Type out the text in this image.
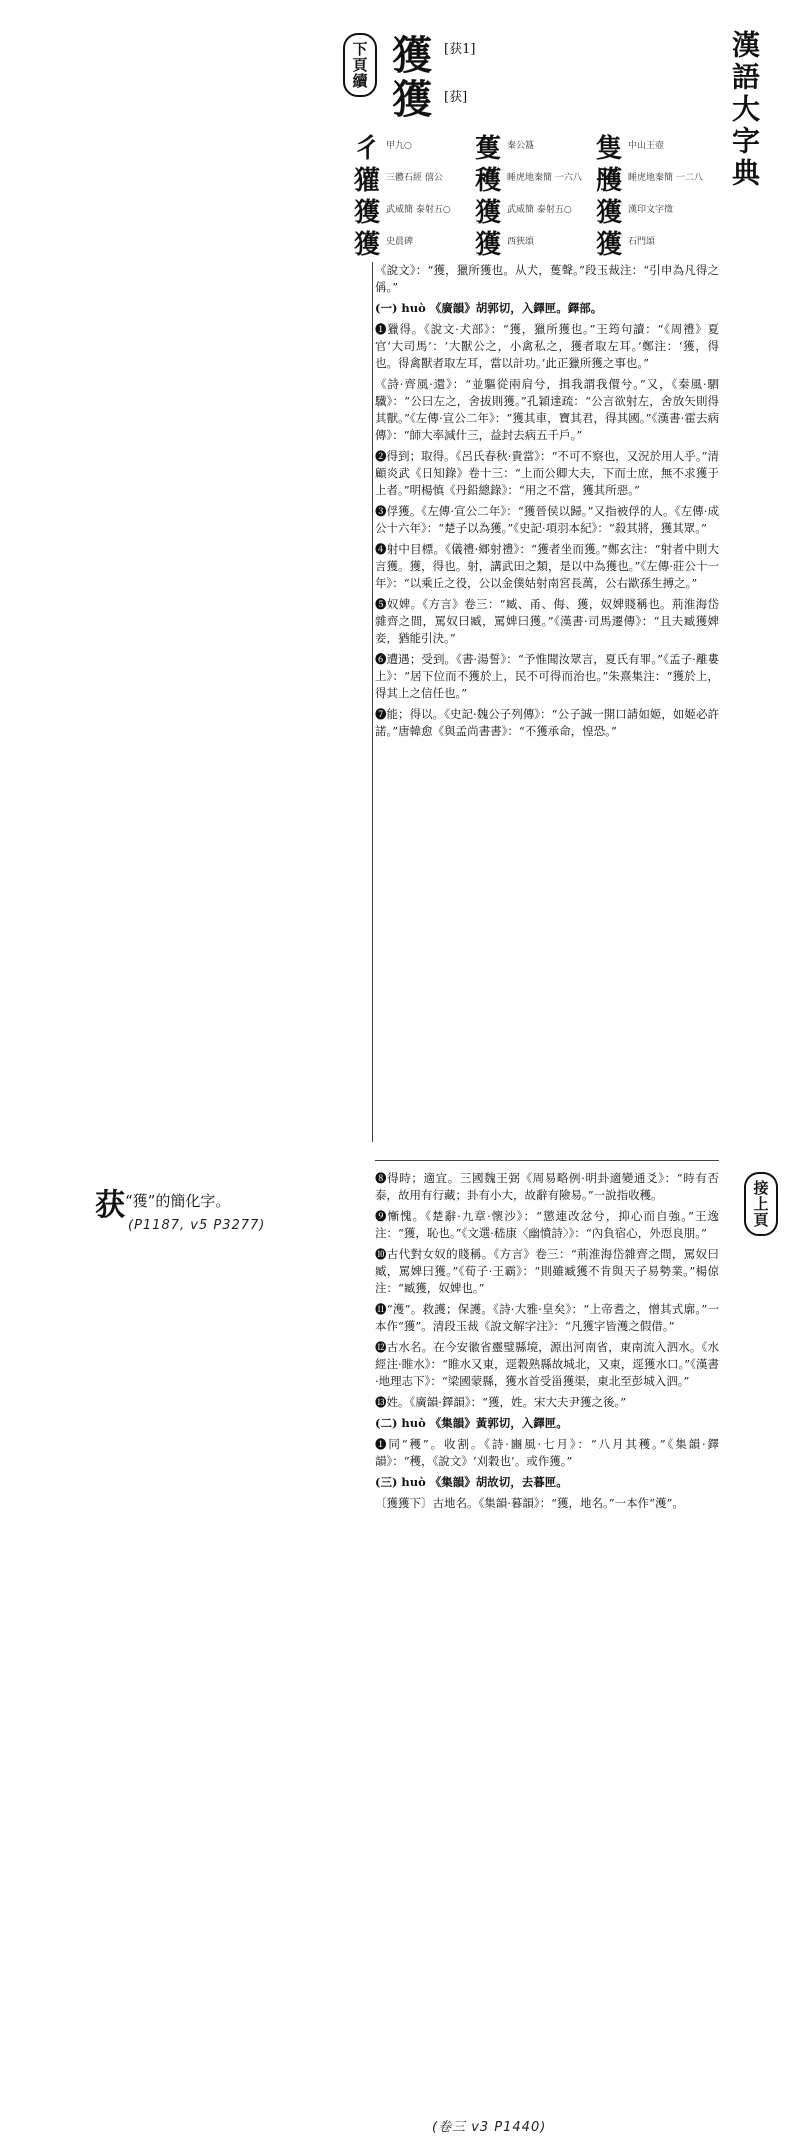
漢語大字典
下頁續 獲 [获1]
獲 [获]
彳 甲九○ 蒦 秦公簋 隻 中山王壺
獾 三體石經 僖公 穫 睡虎地秦簡 一六八 雘 睡虎地秦簡 一二八
獲 武威簡 泰射五○ 獲 武威簡 泰射五○ 獲 漢印文字徵
獲 史晨碑 獲 西狹頌 獲 石門頌

《說文》：“獲，獵所獲也。从犬，蒦聲。”段玉裁注：“引申為凡得之偁。”

(一) huò 《廣韻》胡郭切，入鐸匣。鐸部。

❶獵得。《說文·犬部》：“獲，獵所獲也。”王筠句讀：“《周禮》夏官‘大司馬’：‘大獸公之，小禽私之，獲者取左耳。’鄭注：‘獲，得也。得禽獸者取左耳，當以計功。’此正獵所獲之事也。”

《詩·齊風·還》：“並驅從兩肩兮，揖我謂我儇兮。”又，《秦風·駟驖》：“公曰左之，舍拔則獲。”孔穎達疏：“公言欲射左，舍放矢則得其獸。”《左傳·宣公二年》：“獲其車，寶其君，得其國。”《漢書·霍去病傳》：“師大率減什三，益封去病五千戶。”

❷得到；取得。《呂氏春秋·貴當》：“不可不察也，又況於用人乎。”清顧炎武《日知錄》卷十三：“上而公卿大夫，下而士庶，無不求獲于上者。”明楊慎《丹鉛總錄》：“用之不當，獲其所惡。”

❸俘獲。《左傳·宣公二年》：“獲晉侯以歸。”又指被俘的人。《左傳·成公十六年》：“楚子以為獲。”《史記·項羽本紀》：“殺其將，獲其眾。”

❹射中目標。《儀禮·鄉射禮》：“獲者坐而獲。”鄭玄注：“射者中則大言獲。獲，得也。射，講武田之類，是以中為獲也。”《左傳·莊公十一年》：“以乘丘之役，公以金僕姑射南宮長萬，公右歂孫生搏之。”

❺奴婢。《方言》卷三：“臧、甬、侮、獲，奴婢賤稱也。荊淮海岱雜齊之間，罵奴曰臧，罵婢曰獲。”《漢書·司馬遷傳》：“且夫臧獲婢妾，猶能引決。”

❻遭遇；受到。《書·湯誓》：“予惟聞汝眾言，夏氏有罪。”《孟子·離婁上》：“居下位而不獲於上，民不可得而治也。”朱熹集注：“獲於上，得其上之信任也。”

❼能；得以。《史記·魏公子列傳》：“公子誠一開口請如姬，如姬必許諾。”唐韓愈《與孟尚書書》：“不獲承命，惶恐。”

获“獲”的簡化字。
(P1187, v5 P3277)	接上頁

❽得時；適宜。三國魏王弼《周易略例·明卦適變通爻》：“時有否泰，故用有行藏；卦有小大，故辭有險易。”一說指收穫。

❾慚愧。《楚辭·九章·懷沙》：“懲連改忿兮，抑心而自強。”王逸注：“獲，恥也。”《文選·嵇康〈幽憤詩〉》：“內負宿心，外恧良朋。”

❿古代對女奴的賤稱。《方言》卷三：“荊淮海岱雜齊之間，罵奴曰臧，罵婢曰獲。”《荀子·王霸》：“則雖臧獲不肯與天子易勢業。”楊倞注：“臧獲，奴婢也。”

⓫“濩”。救護；保護。《詩·大雅·皇矣》：“上帝耆之，憎其式廓。”一本作“獲”。清段玉裁《說文解字注》：“凡獲字皆濩之假借。”

⓬古水名。在今安徽省靈璧縣境，源出河南省，東南流入泗水。《水經注·睢水》：“睢水又東，逕穀熟縣故城北，又東，逕獲水口。”《漢書·地理志下》：“梁國蒙縣，獲水首受甾獲渠，東北至彭城入泗。”

⓭姓。《廣韻·鐸韻》：“獲，姓。宋大夫尹獲之後。”

(二) huò 《集韻》黃郭切，入鐸匣。

❶同“穫”。收割。《詩·豳風·七月》：“八月其穫。”《集韻·鐸韻》：“穫，《說文》‘刈穀也’。或作獲。”

(三) huò 《集韻》胡故切，去暮匣。

〔獲獲下〕古地名。《集韻·暮韻》：“獲，地名。”一本作“濩”。

(卷三 v3 P1440)
